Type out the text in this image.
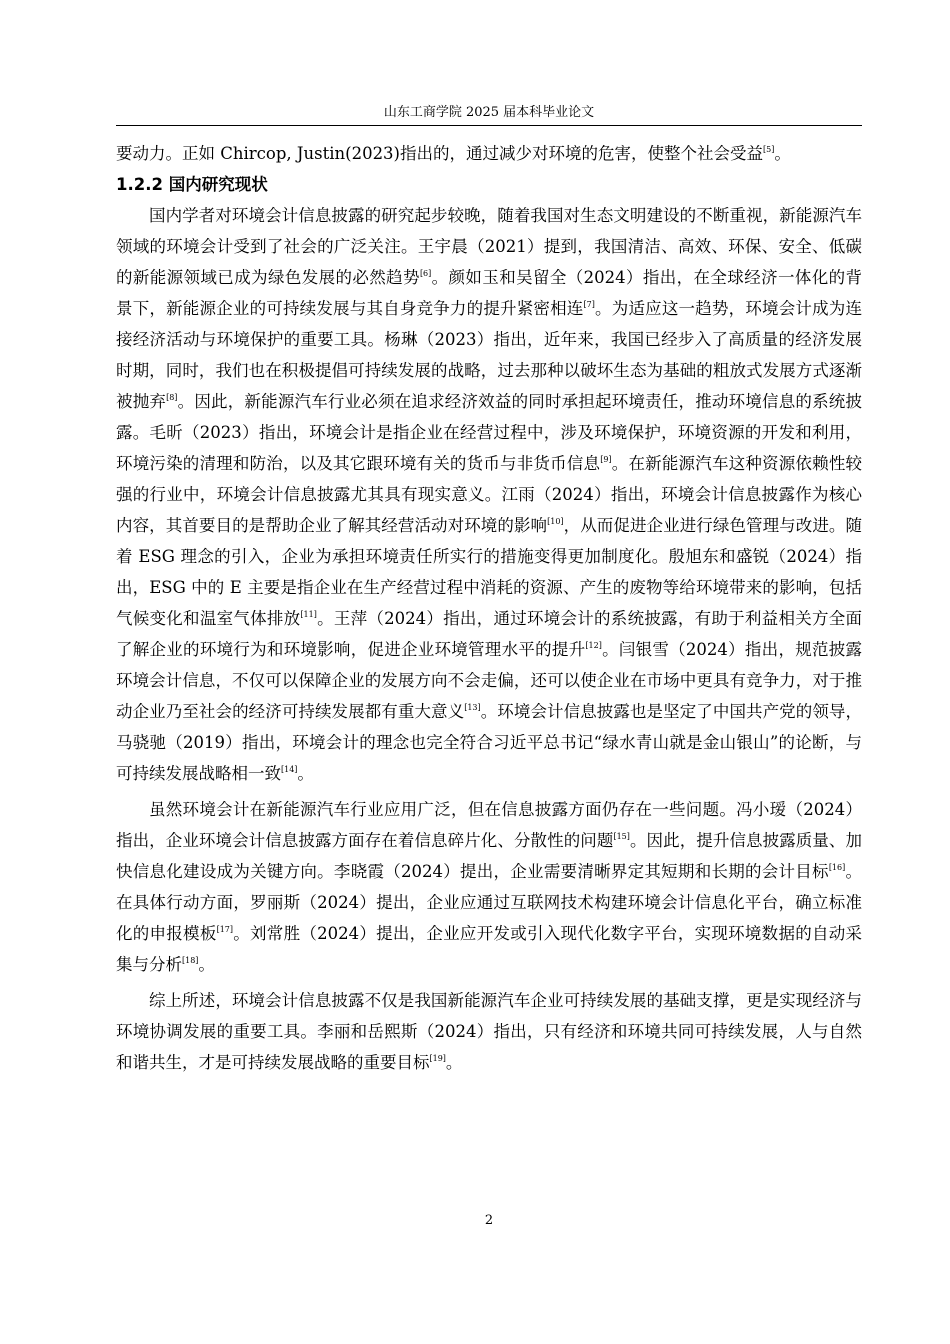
山东工商学院 2025 届本科毕业论文

要动力。正如 Chircop, Justin(2023)指出的，通过减少对环境的危害，使整个社会受益[5]。

1.2.2 国内研究现状

国内学者对环境会计信息披露的研究起步较晚，随着我国对生态文明建设的不断重视，新能源汽车领域的环境会计受到了社会的广泛关注。王宇晨（2021）提到，我国清洁、高效、环保、安全、低碳的新能源领域已成为绿色发展的必然趋势[6]。颜如玉和吴留全（2024）指出，在全球经济一体化的背景下，新能源企业的可持续发展与其自身竞争力的提升紧密相连[7]。为适应这一趋势，环境会计成为连接经济活动与环境保护的重要工具。杨琳（2023）指出，近年来，我国已经步入了高质量的经济发展时期，同时，我们也在积极提倡可持续发展的战略，过去那种以破坏生态为基础的粗放式发展方式逐渐被抛弃[8]。因此，新能源汽车行业必须在追求经济效益的同时承担起环境责任，推动环境信息的系统披露。毛昕（2023）指出，环境会计是指企业在经营过程中，涉及环境保护，环境资源的开发和利用，环境污染的清理和防治，以及其它跟环境有关的货币与非货币信息[9]。在新能源汽车这种资源依赖性较强的行业中，环境会计信息披露尤其具有现实意义。江雨（2024）指出，环境会计信息披露作为核心内容，其首要目的是帮助企业了解其经营活动对环境的影响[10]，从而促进企业进行绿色管理与改进。随着 ESG 理念的引入，企业为承担环境责任所实行的措施变得更加制度化。殷旭东和盛锐（2024）指出，ESG 中的 E 主要是指企业在生产经营过程中消耗的资源、产生的废物等给环境带来的影响，包括气候变化和温室气体排放[11]。王萍（2024）指出，通过环境会计的系统披露，有助于利益相关方全面了解企业的环境行为和环境影响，促进企业环境管理水平的提升[12]。闫银雪（2024）指出，规范披露环境会计信息，不仅可以保障企业的发展方向不会走偏，还可以使企业在市场中更具有竞争力，对于推动企业乃至社会的经济可持续发展都有重大意义[13]。环境会计信息披露也是坚定了中国共产党的领导，马骁驰（2019）指出，环境会计的理念也完全符合习近平总书记“绿水青山就是金山银山”的论断，与可持续发展战略相一致[14]。

虽然环境会计在新能源汽车行业应用广泛，但在信息披露方面仍存在一些问题。冯小瑷（2024）指出，企业环境会计信息披露方面存在着信息碎片化、分散性的问题[15]。因此，提升信息披露质量、加快信息化建设成为关键方向。李晓霞（2024）提出，企业需要清晰界定其短期和长期的会计目标[16]。在具体行动方面，罗丽斯（2024）提出，企业应通过互联网技术构建环境会计信息化平台，确立标准化的申报模板[17]。刘常胜（2024）提出，企业应开发或引入现代化数字平台，实现环境数据的自动采集与分析[18]。

综上所述，环境会计信息披露不仅是我国新能源汽车企业可持续发展的基础支撑，更是实现经济与环境协调发展的重要工具。李丽和岳熙斯（2024）指出，只有经济和环境共同可持续发展，人与自然和谐共生，才是可持续发展战略的重要目标[19]。

2
